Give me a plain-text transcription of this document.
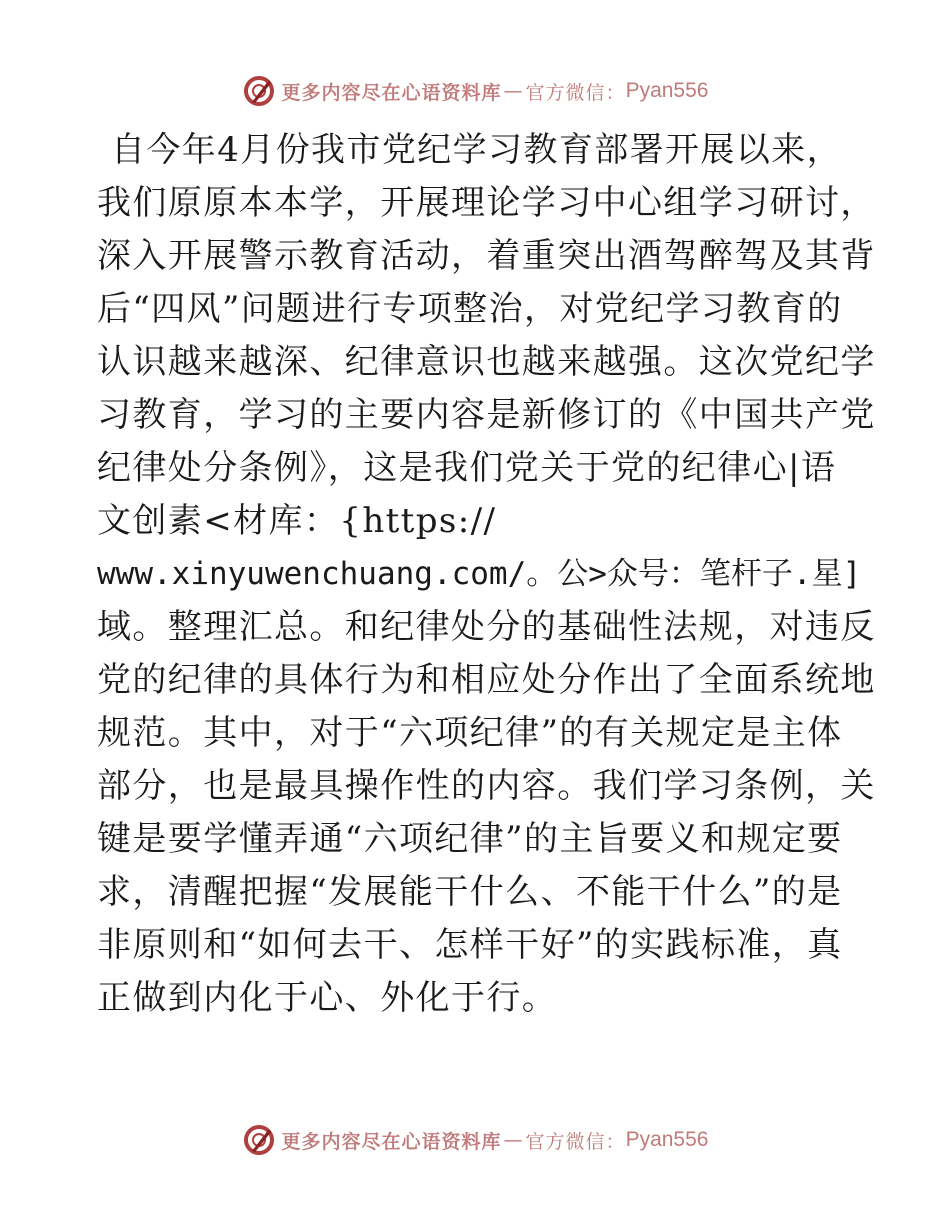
更多内容尽在心语资料库 — 官方微信： Pyan556
自今年4月份我市党纪学习教育部署开展以来，
我们原原本本学，开展理论学习中心组学习研讨，
深入开展警示教育活动，着重突出酒驾醉驾及其背
后“四风”问题进行专项整治，对党纪学习教育的
认识越来越深、纪律意识也越来越强。这次党纪学
习教育，学习的主要内容是新修订的《中国共产党
纪律处分条例》，这是我们党关于党的纪律心|语
文创素<材库：{https://
www.xinyuwenchuang.com/。公>众号：笔杆子.星]
域。整理汇总。和纪律处分的基础性法规，对违反
党的纪律的具体行为和相应处分作出了全面系统地
规范。其中，对于“六项纪律”的有关规定是主体
部分，也是最具操作性的内容。我们学习条例，关
键是要学懂弄通“六项纪律”的主旨要义和规定要
求，清醒把握“发展能干什么、不能干什么”的是
非原则和“如何去干、怎样干好”的实践标准，真
正做到内化于心、外化于行。
更多内容尽在心语资料库 — 官方微信： Pyan556
